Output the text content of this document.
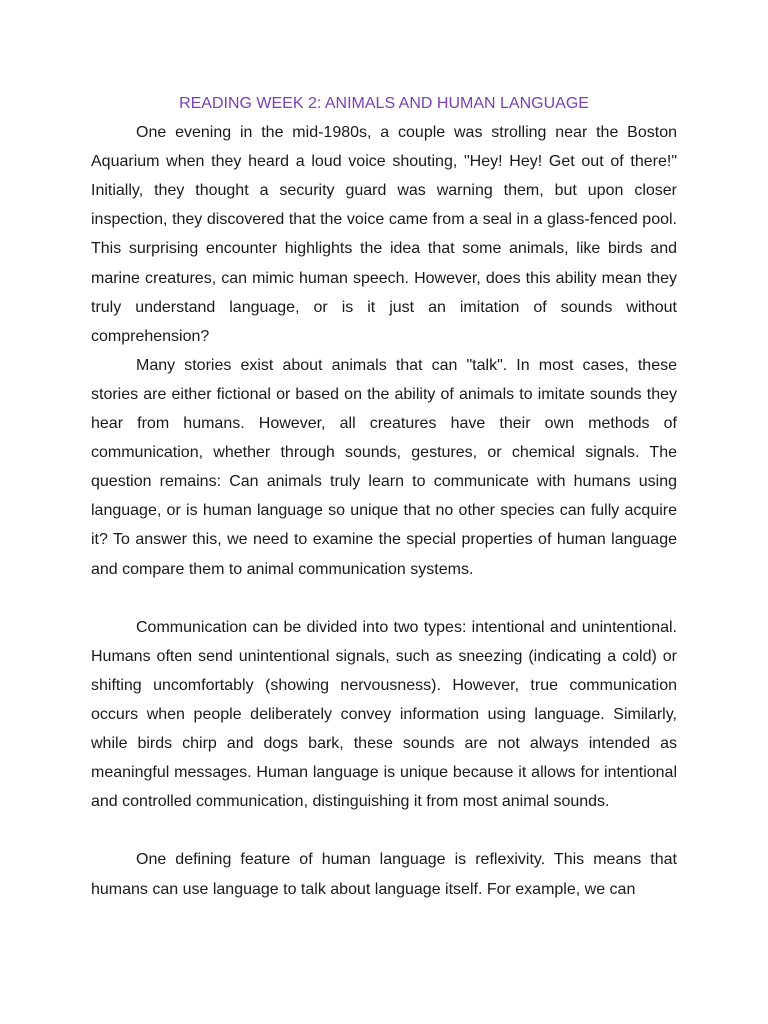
READING WEEK 2: ANIMALS AND HUMAN LANGUAGE

One evening in the mid-1980s, a couple was strolling near the Boston Aquarium when they heard a loud voice shouting, "Hey! Hey! Get out of there!" Initially, they thought a security guard was warning them, but upon closer inspection, they discovered that the voice came from a seal in a glass-fenced pool. This surprising encounter highlights the idea that some animals, like birds and marine creatures, can mimic human speech. However, does this ability mean they truly understand language, or is it just an imitation of sounds without comprehension?

Many stories exist about animals that can "talk". In most cases, these stories are either fictional or based on the ability of animals to imitate sounds they hear from humans. However, all creatures have their own methods of communication, whether through sounds, gestures, or chemical signals. The question remains: Can animals truly learn to communicate with humans using language, or is human language so unique that no other species can fully acquire it? To answer this, we need to examine the special properties of human language and compare them to animal communication systems.

Communication can be divided into two types: intentional and unintentional. Humans often send unintentional signals, such as sneezing (indicating a cold) or shifting uncomfortably (showing nervousness). However, true communication occurs when people deliberately convey information using language. Similarly, while birds chirp and dogs bark, these sounds are not always intended as meaningful messages. Human language is unique because it allows for intentional and controlled communication, distinguishing it from most animal sounds.

One defining feature of human language is reflexivity. This means that humans can use language to talk about language itself. For example, we can
